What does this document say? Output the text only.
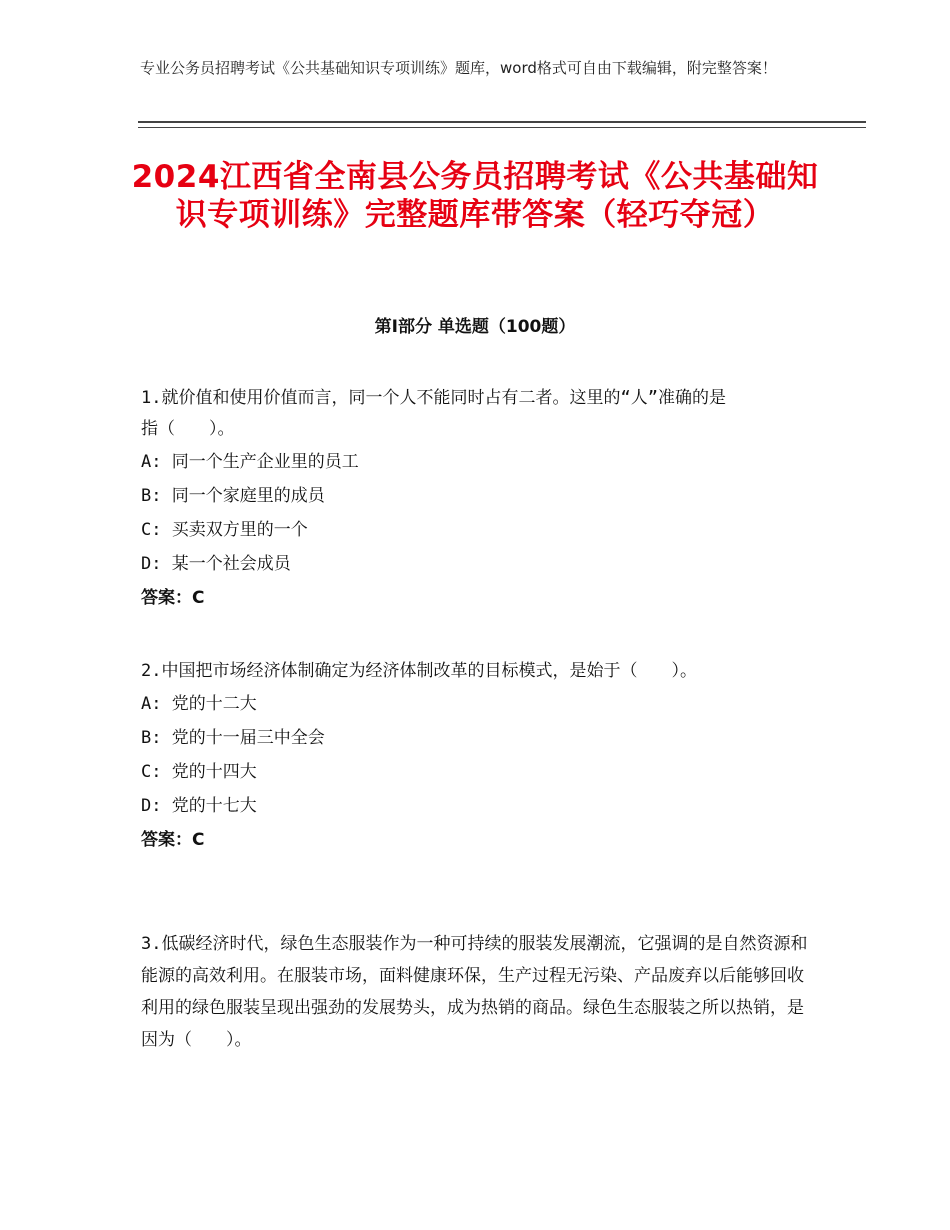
专业公务员招聘考试《公共基础知识专项训练》题库，word格式可自由下载编辑，附完整答案！
2024江西省全南县公务员招聘考试《公共基础知识专项训练》完整题库带答案（轻巧夺冠）
第Ⅰ部分 单选题（100题）

1.就价值和使用价值而言，同一个人不能同时占有二者。这里的“人”准确的是指（　　）。

A: 同一个生产企业里的员工

B: 同一个家庭里的成员

C: 买卖双方里的一个

D: 某一个社会成员

答案：C

2.中国把市场经济体制确定为经济体制改革的目标模式，是始于（　　）。

A: 党的十二大

B: 党的十一届三中全会

C: 党的十四大

D: 党的十七大

答案：C

3.低碳经济时代，绿色生态服装作为一种可持续的服装发展潮流，它强调的是自然资源和能源的高效利用。在服装市场，面料健康环保，生产过程无污染、产品废弃以后能够回收利用的绿色服装呈现出强劲的发展势头，成为热销的商品。绿色生态服装之所以热销，是因为（　　）。
